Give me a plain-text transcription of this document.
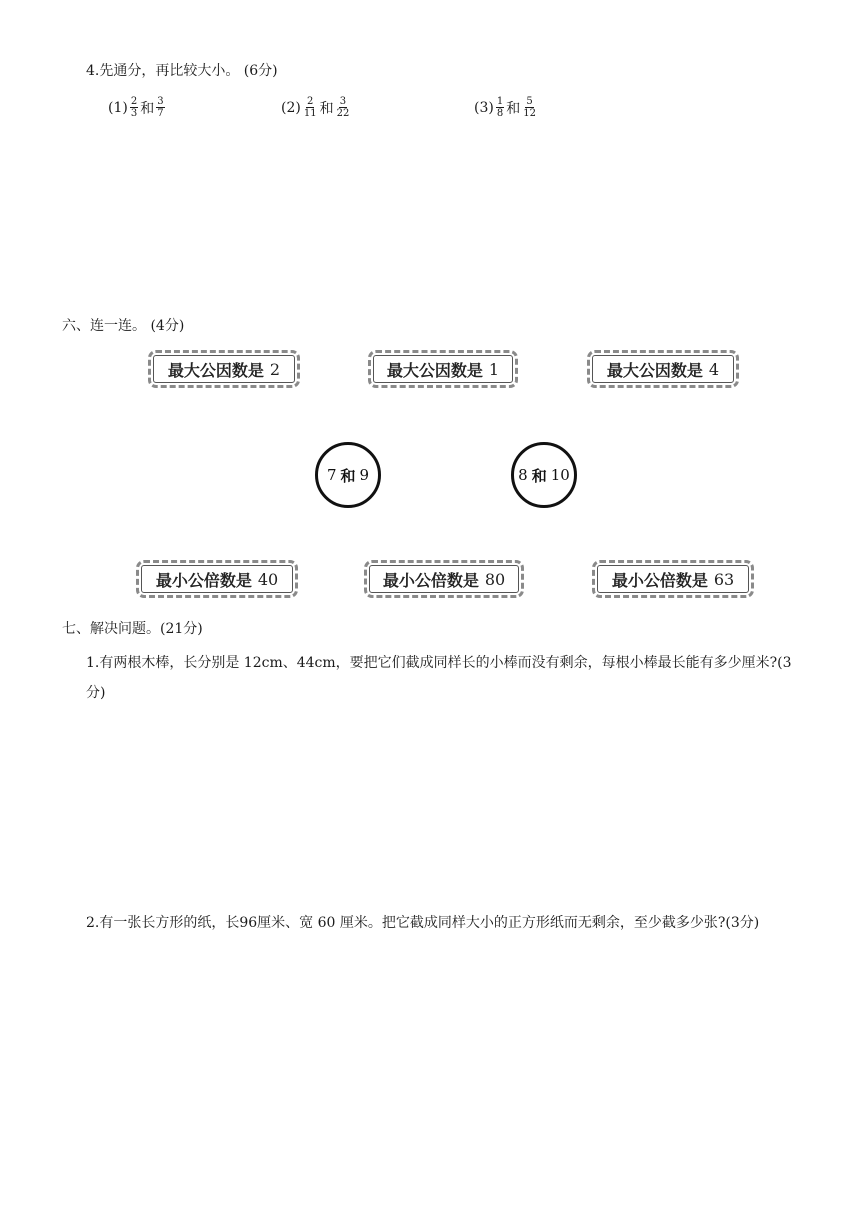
4.先通分，再比较大小。 (6分)
$(1) \frac{2}{3}$ 和 $\frac{3}{7}$	$(2) \frac{2}{11}$ 和 $\frac{3}{22}$	$(3) \frac{1}{8}$ 和 $\frac{5}{12}$
六、连一连。 (4分)
最大公因数是 2	最大公因数是 1	最大公因数是 4
7 和 9	8 和 10
最小公倍数是 40	最小公倍数是 80	最小公倍数是 63
七、解决问题。(21分)
1.有两根木棒，长分别是 12cm、44cm，要把它们截成同样长的小棒而没有剩余，每根小棒最长能有多少厘米?(3分)
2.有一张长方形的纸，长96厘米、宽 60 厘米。把它截成同样大小的正方形纸而无剩余，至少截多少张?(3分)
